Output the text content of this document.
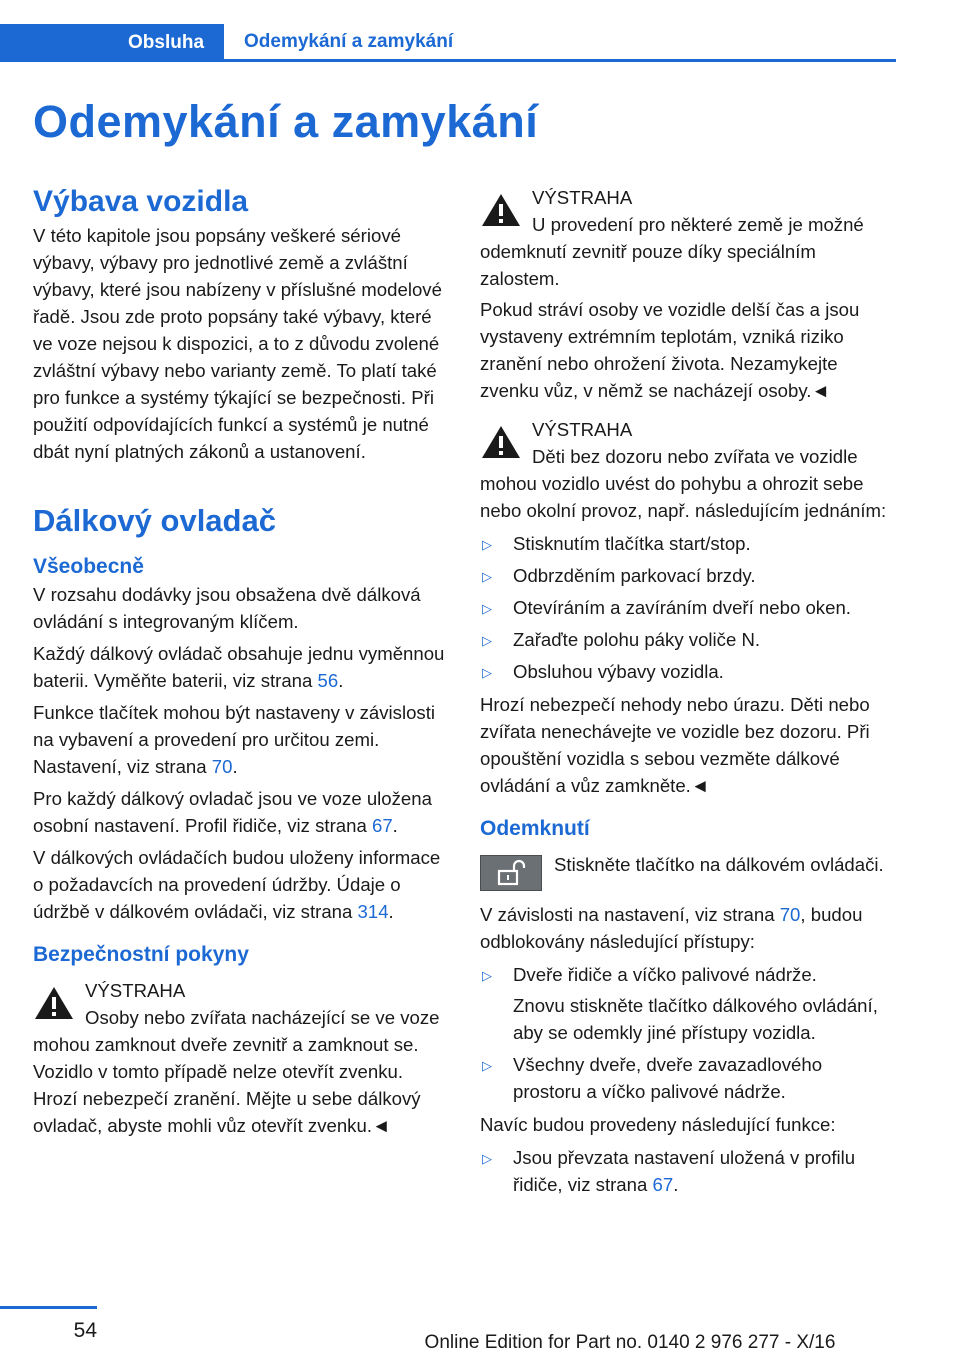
Obsluha Odemykání a zamykání
Odemykání a zamykání
Výbava vozidla

V této kapitole jsou popsány veškeré sériové výbavy, výbavy pro jednotlivé země a zvláštní výbavy, které jsou nabízeny v příslušné modelové řadě. Jsou zde proto popsány také výbavy, které ve voze nejsou k dispozici, a to z důvodu zvolené zvláštní výbavy nebo varianty země. To platí také pro funkce a systémy týkající se bezpečnosti. Při použití odpovídajících funkcí a systémů je nutné dbát nyní platných zákonů a ustanovení.

Dálkový ovladač
Všeobecně

V rozsahu dodávky jsou obsažena dvě dálková ovládání s integrovaným klíčem.

Každý dálkový ovládač obsahuje jednu vyměnnou baterii. Vyměňte baterii, viz strana 56.

Funkce tlačítek mohou být nastaveny v závislosti na vybavení a provedení pro určitou zemi. Nastavení, viz strana 70.

Pro každý dálkový ovladač jsou ve voze uložena osobní nastavení. Profil řidiče, viz strana 67.

V dálkových ovládačích budou uloženy informace o požadavcích na provedení údržby. Údaje o údržbě v dálkovém ovládači, viz strana 314.

Bezpečnostní pokyny
VÝSTRAHA

Osoby nebo zvířata nacházející se ve voze mohou zamknout dveře zevnitř a zamknout se. Vozidlo v tomto případě nelze otevřít zvenku. Hrozí nebezpečí zranění. Mějte u sebe dálkový ovladač, abyste mohli vůz otevřít zvenku.◄

VÝSTRAHA

U provedení pro některé země je možné odemknutí zevnitř pouze díky speciálním zalostem.

Pokud stráví osoby ve vozidle delší čas a jsou vystaveny extrémním teplotám, vzniká riziko zranění nebo ohrožení života. Nezamykejte zvenku vůz, v němž se nacházejí osoby.◄

VÝSTRAHA

Děti bez dozoru nebo zvířata ve vozidle mohou vozidlo uvést do pohybu a ohrozit sebe nebo okolní provoz, např. následujícím jednáním:

▷ Stisknutím tlačítka start/stop.
▷ Odbrzděním parkovací brzdy.
▷ Otevíráním a zavíráním dveří nebo oken.
▷ Zařaďte polohu páky voliče N.
▷ Obsluhou výbavy vozidla.

Hrozí nebezpečí nehody nebo úrazu. Děti nebo zvířata nenechávejte ve vozidle bez dozoru. Při opouštění vozidla s sebou vezměte dálkové ovládání a vůz zamkněte.◄

Odemknutí

Stiskněte tlačítko na dálkovém ovládači.

V závislosti na nastavení, viz strana 70, budou odblokovány následující přístupy:

▷ Dveře řidiče a víčko palivové nádrže.

Znovu stiskněte tlačítko dálkového ovládání, aby se odemkly jiné přístupy vozidla.

▷ Všechny dveře, dveře zavazadlového prostoru a víčko palivové nádrže.

Navíc budou provedeny následující funkce:

▷ Jsou převzata nastavení uložená v profilu řidiče, viz strana 67.
54
Online Edition for Part no. 0140 2 976 277 - X/16
